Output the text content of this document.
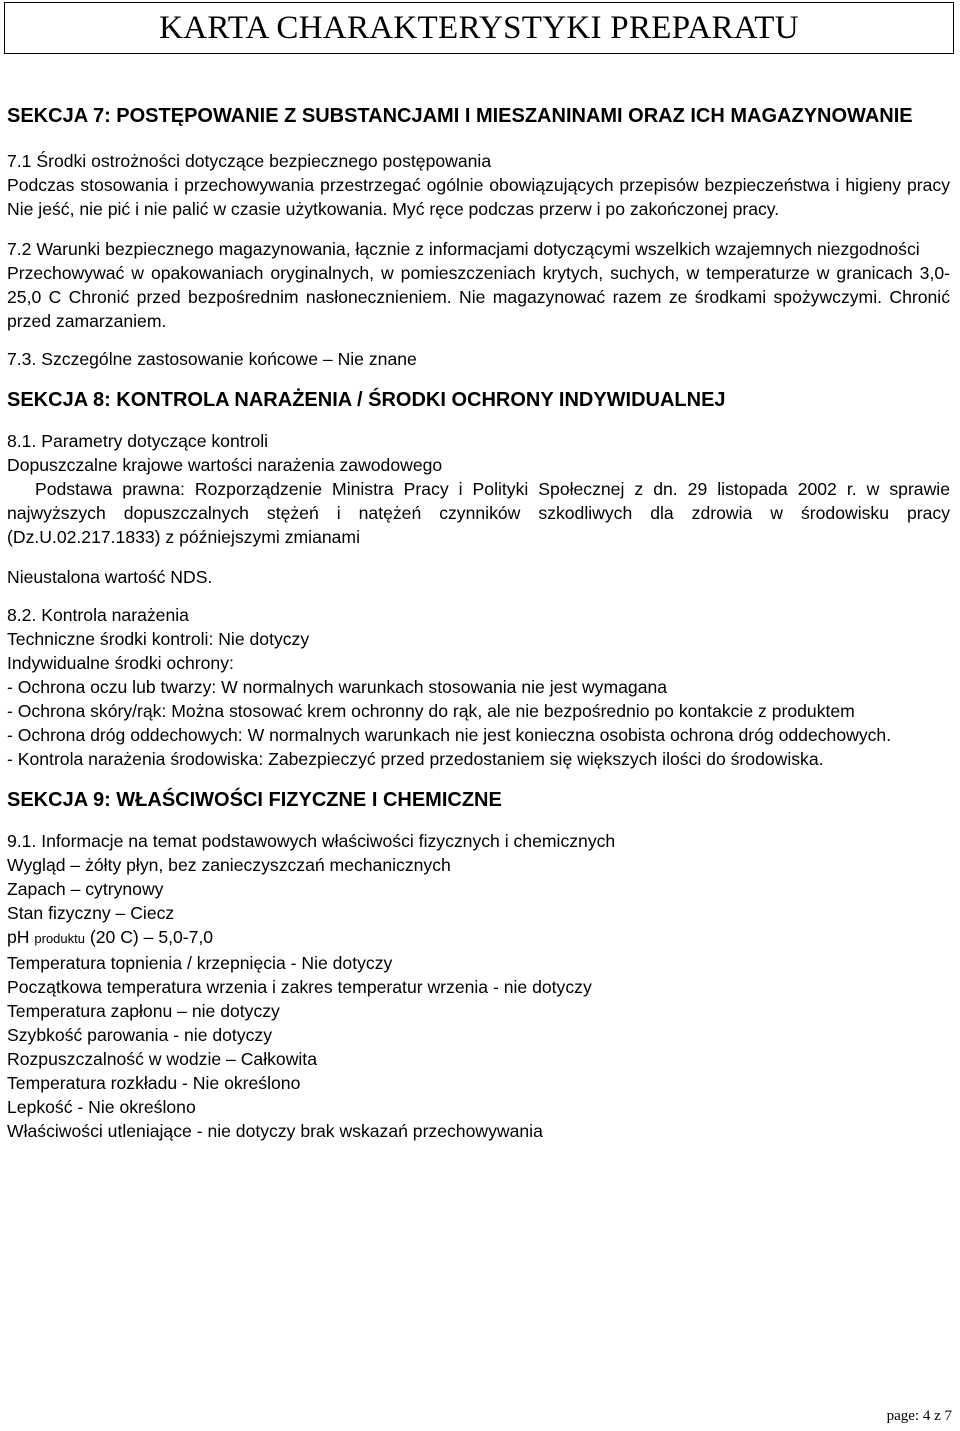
KARTA CHARAKTERYSTYKI PREPARATU
SEKCJA 7: POSTĘPOWANIE Z SUBSTANCJAMI I MIESZANINAMI ORAZ ICH MAGAZYNOWANIE
7.1 Środki ostrożności dotyczące bezpiecznego postępowania
Podczas stosowania i przechowywania przestrzegać ogólnie obowiązujących przepisów bezpieczeństwa i higieny pracy Nie jeść, nie pić i nie palić w czasie użytkowania. Myć ręce podczas przerw i po zakończonej pracy.
7.2 Warunki bezpiecznego magazynowania, łącznie z informacjami dotyczącymi wszelkich wzajemnych niezgodności
Przechowywać w opakowaniach oryginalnych, w pomieszczeniach krytych, suchych, w temperaturze w granicach 3,0- 25,0 C Chronić przed bezpośrednim nasłonecznieniem. Nie magazynować razem ze środkami spożywczymi. Chronić przed zamarzaniem.
7.3. Szczególne zastosowanie końcowe – Nie znane
SEKCJA 8: KONTROLA NARAŻENIA / ŚRODKI OCHRONY INDYWIDUALNEJ
8.1. Parametry dotyczące kontroli
Dopuszczalne krajowe wartości narażenia zawodowego
Podstawa prawna: Rozporządzenie Ministra Pracy i Polityki Społecznej z dn. 29 listopada 2002 r. w sprawie najwyższych dopuszczalnych stężeń i natężeń czynników szkodliwych dla zdrowia w środowisku pracy (Dz.U.02.217.1833) z późniejszymi zmianami
Nieustalona wartość NDS.
8.2. Kontrola narażenia
Techniczne środki kontroli: Nie dotyczy
Indywidualne środki ochrony:
- Ochrona oczu lub twarzy: W normalnych warunkach stosowania nie jest wymagana
- Ochrona skóry/rąk: Można stosować krem ochronny do rąk, ale nie bezpośrednio po kontakcie z produktem
- Ochrona dróg oddechowych: W normalnych warunkach nie jest konieczna osobista ochrona dróg oddechowych.
- Kontrola narażenia środowiska: Zabezpieczyć przed przedostaniem się większych ilości do środowiska.
SEKCJA 9: WŁAŚCIWOŚCI FIZYCZNE I CHEMICZNE
9.1. Informacje na temat podstawowych właściwości fizycznych i chemicznych
Wygląd – żółty płyn, bez zanieczyszczań mechanicznych
Zapach – cytrynowy
Stan fizyczny – Ciecz
pH produktu (20 C) – 5,0-7,0
Temperatura topnienia / krzepnięcia - Nie dotyczy
Początkowa temperatura wrzenia i zakres temperatur wrzenia - nie dotyczy
Temperatura zapłonu – nie dotyczy
Szybkość parowania - nie dotyczy
Rozpuszczalność w wodzie – Całkowita
Temperatura rozkładu - Nie określono
Lepkość - Nie określono
Właściwości utleniające - nie dotyczy brak wskazań przechowywania
page: 4 z 7
